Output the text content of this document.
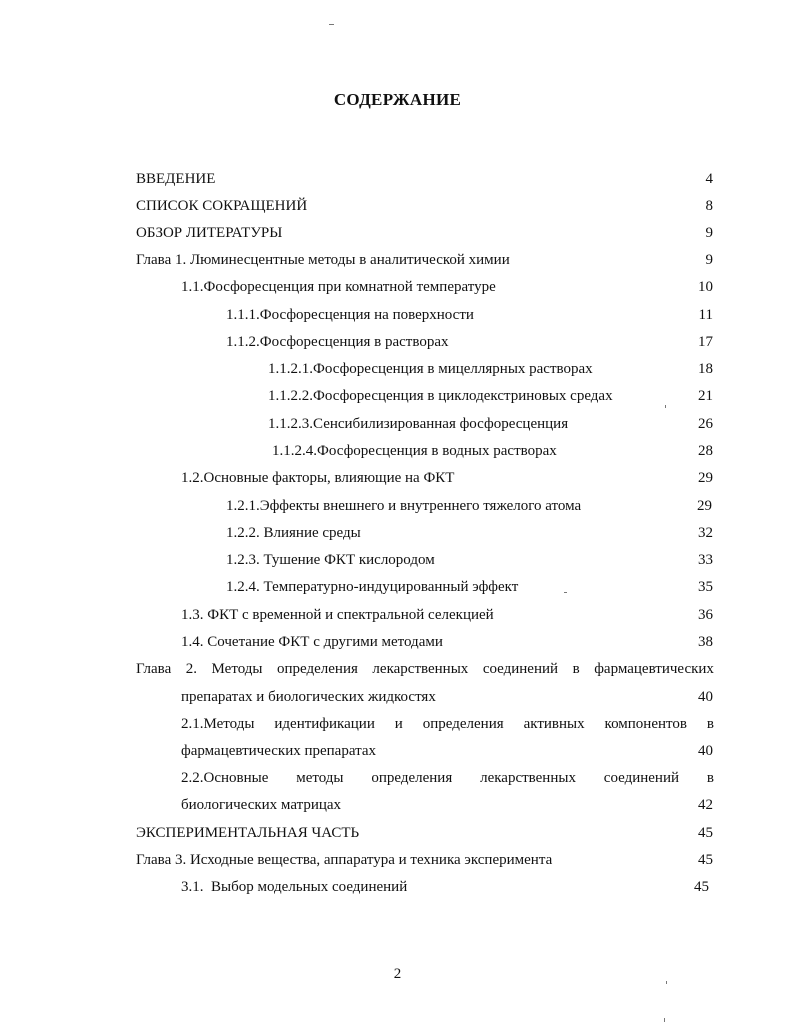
СОДЕРЖАНИЕ
ВВЕДЕНИЕ	4
СПИСОК СОКРАЩЕНИЙ	8
ОБЗОР ЛИТЕРАТУРЫ	9
Глава 1. Люминесцентные методы в аналитической химии	9
1.1.Фосфоресценция при комнатной температуре	10
1.1.1.Фосфоресценция на поверхности	11
1.1.2.Фосфоресценция в растворах	17
1.1.2.1.Фосфоресценция в мицеллярных растворах	18
1.1.2.2.Фосфоресценция в циклодекстриновых средах	21
1.1.2.3.Сенсибилизированная фосфоресценция	26
1.1.2.4.Фосфоресценция в водных растворах	28
1.2.Основные факторы, влияющие на ФКТ	29
1.2.1.Эффекты внешнего и внутреннего тяжелого атома	29
1.2.2. Влияние среды	32
1.2.3. Тушение ФКТ кислородом	33
1.2.4. Температурно-индуцированный эффект	35
1.3. ФКТ с временной и спектральной селекцией	36
1.4. Сочетание ФКТ с другими методами	38
Глава 2. Методы определения лекарственных соединений в фармацевтических
препаратах и биологических жидкостях	40
2.1.Методы идентификации и определения активных компонентов в
фармацевтических препаратах	40
2.2.Основные методы определения лекарственных соединений в
биологических матрицах	42
ЭКСПЕРИМЕНТАЛЬНАЯ ЧАСТЬ	45
Глава 3. Исходные вещества, аппаратура и техника эксперимента	45
3.1.  Выбор модельных соединений	45
2
